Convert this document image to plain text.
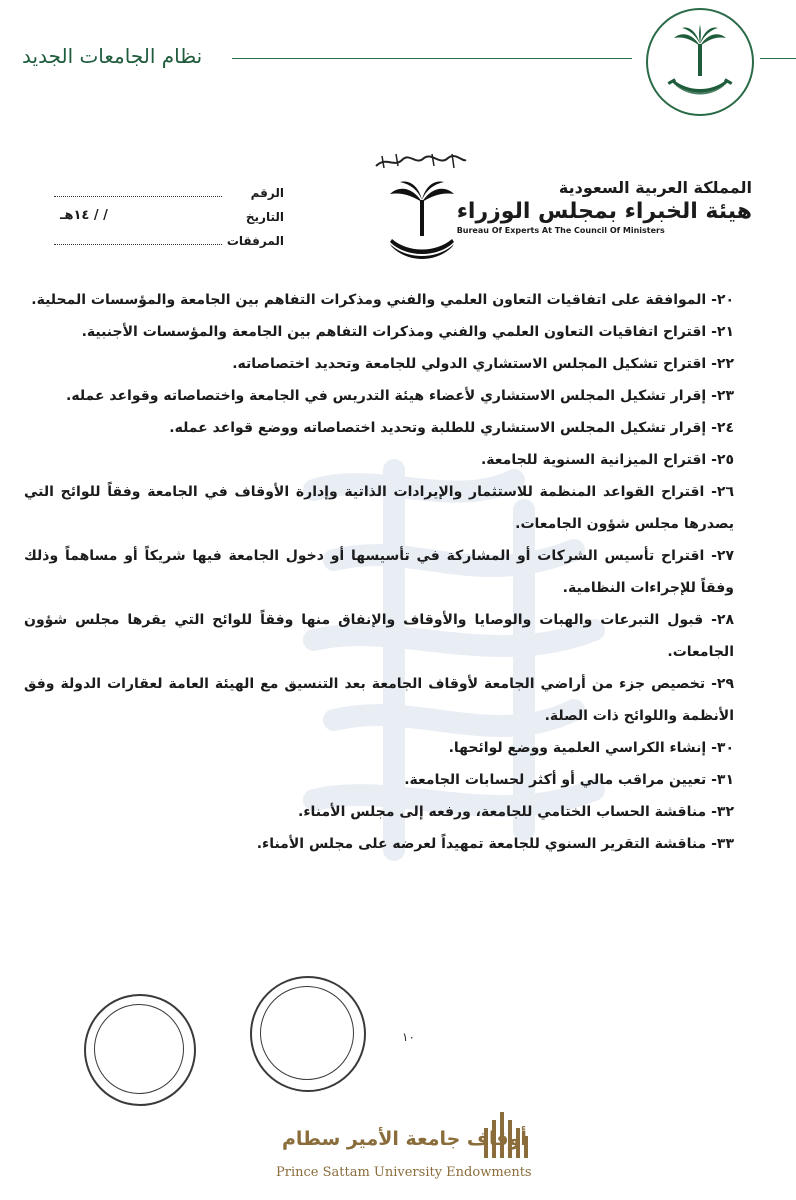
نظام الجامعات الجديد
الرقم
التاريخ
/ / ١٤هـ
المرفقات
المملكة العربية السعودية
هيئة الخبراء بمجلس الوزراء
Bureau Of Experts At The Council Of Ministers

٢٠- الموافقة على اتفاقيات التعاون العلمي والفني ومذكرات التفاهم بين الجامعة والمؤسسات المحلية.

٢١- اقتراح اتفاقيات التعاون العلمي والفني ومذكرات التفاهم بين الجامعة والمؤسسات الأجنبية.

٢٢- اقتراح تشكيل المجلس الاستشاري الدولي للجامعة وتحديد اختصاصاته.

٢٣- إقرار تشكيل المجلس الاستشاري لأعضاء هيئة التدريس في الجامعة واختصاصاته وقواعد عمله.

٢٤- إقرار تشكيل المجلس الاستشاري للطلبة وتحديد اختصاصاته ووضع قواعد عمله.

٢٥- اقتراح الميزانية السنوية للجامعة.

٢٦- اقتراح القواعد المنظمة للاستثمار والإيرادات الذاتية وإدارة الأوقاف في الجامعة وفقاً للوائح التي يصدرها مجلس شؤون الجامعات.

٢٧- اقتراح تأسيس الشركات أو المشاركة في تأسيسها أو دخول الجامعة فيها شريكاً أو مساهماً وذلك وفقاً للإجراءات النظامية.

٢٨- قبول التبرعات والهبات والوصايا والأوقاف والإنفاق منها وفقاً للوائح التي يقرها مجلس شؤون الجامعات.

٢٩- تخصيص جزء من أراضي الجامعة لأوقاف الجامعة بعد التنسيق مع الهيئة العامة لعقارات الدولة وفق الأنظمة واللوائح ذات الصلة.

٣٠- إنشاء الكراسي العلمية ووضع لوائحها.

٣١- تعيين مراقب مالي أو أكثر لحسابات الجامعة.

٣٢- مناقشة الحساب الختامي للجامعة، ورفعه إلى مجلس الأمناء.

٣٣- مناقشة التقرير السنوي للجامعة تمهيداً لعرضه على مجلس الأمناء.

١٠
أوقاف جامعة الأمير سطام
Prince Sattam University Endowments
